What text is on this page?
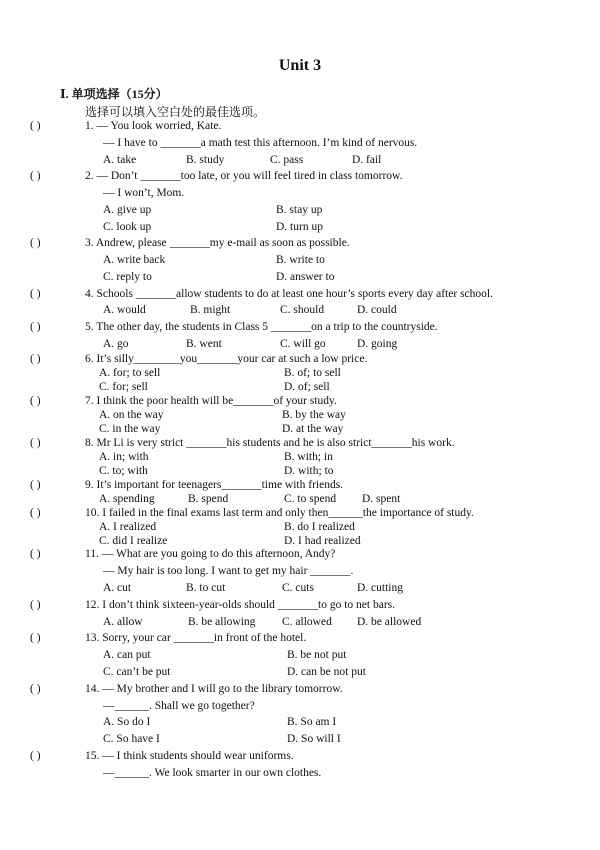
Unit 3
Ⅰ. 单项选择（15分）
选择可以填入空白处的最佳选项。
( )	1. — You look worried, Kate.
— I have to _______a math test this afternoon. I’m kind of nervous.
A. take	B. study	C. pass	D. fail
( )	2. — Don’t _______too late, or you will feel tired in class tomorrow.
— I won’t, Mom.
A. give up	B. stay up
C. look up	D. turn up
( )	3. Andrew, please _______my e-mail as soon as possible.
A. write back	B. write to
C. reply to	D. answer to
( )	4. Schools _______allow students to do at least one hour’s sports every day after school.
A. would	B. might	C. should	D. could
( )	5. The other day, the students in Class 5 _______on a trip to the countryside.
A. go	B. went	C. will go	D. going
( )	6. It’s silly________you_______your car at such a low price.
A. for; to sell	B. of; to sell
C. for; sell	D. of; sell
( )	7. I think the poor health will be_______of your study.
A. on the way	B. by the way
C. in the way	D. at the way
( )	8. Mr Li is very strict _______his students and he is also strict_______his work.
A. in; with	B. with; in
C. to; with	D. with; to
( )	9. It’s important for teenagers_______time with friends.
A. spending	B. spend	C. to spend D. spent
( )	10. I failed in the final exams last term and only then______the importance of study.
A. I realized	B. do I realized
C. did I realize	D. I had realized
( )	11. — What are you going to do this afternoon, Andy?
— My hair is too long. I want to get my hair _______.
A. cut	B. to cut	C. cuts	D. cutting
( )	12. I don’t think sixteen-year-olds should _______to go to net bars.
A. allow	B. be allowing C. allowed D. be allowed
( )	13. Sorry, your car _______in front of the hotel.
A. can put	B. be not put
C. can’t be put	D. can be not put
( )	14. — My brother and I will go to the library tomorrow.
—______. Shall we go together?
A. So do I	B. So am I
C. So have I	D. So will I
( )	15. — I think students should wear uniforms.
—______. We look smarter in our own clothes.
